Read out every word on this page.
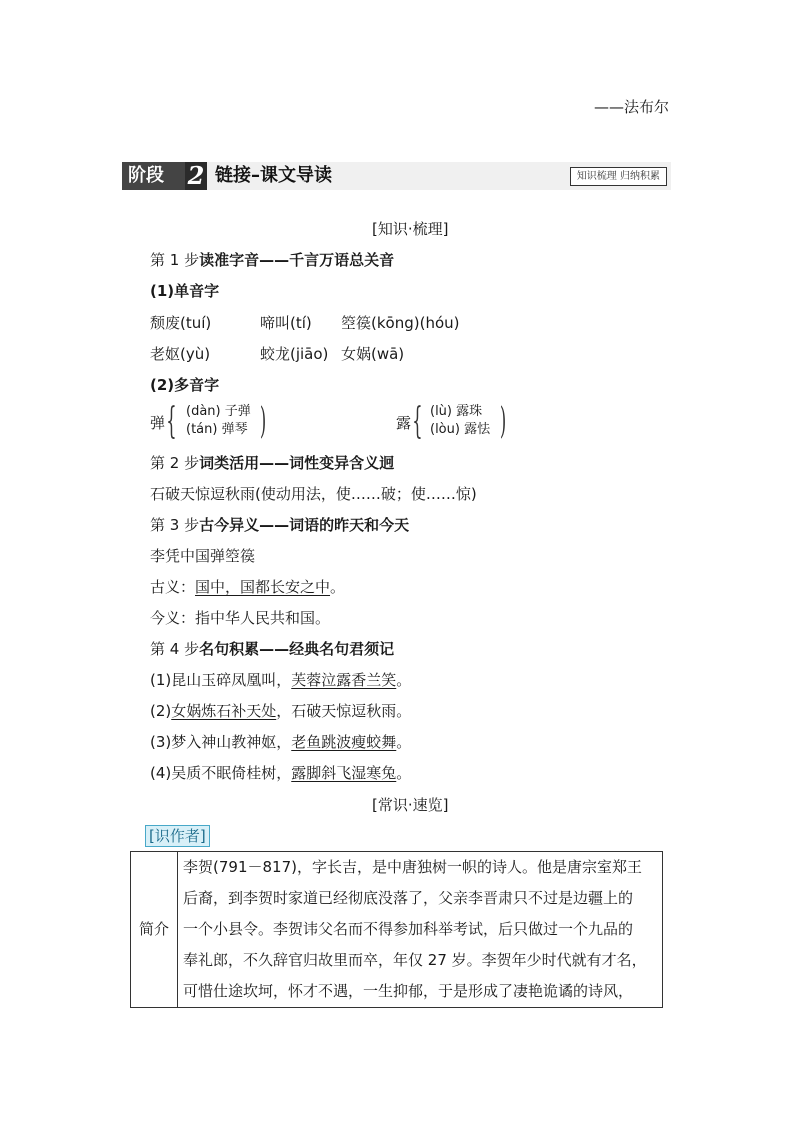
——法布尔
阶段 2 链接–课文导读	知识梳理 归纳积累
[知识·梳理]
第 1 步读准字音——千言万语总关音
(1)单音字
颓废(tuí)	啼叫(tí) 箜篌(kōng)(hóu)
老妪(yù)	蛟龙(jiāo) 女娲(wā)
(2)多音字
弹 { (dàn) 子弹
(tán) 弹琴 )	露 { (lù) 露珠
(lòu) 露怯 )
第 2 步词类活用——词性变异含义迥
石破天惊逗秋雨(使动用法，使……破；使……惊)
第 3 步古今异义——词语的昨天和今天
李凭中国弹箜篌
古义：国中，国都长安之中。
今义：指中华人民共和国。
第 4 步名句积累——经典名句君须记
(1)昆山玉碎凤凰叫，芙蓉泣露香兰笑。
(2)女娲炼石补天处，石破天惊逗秋雨。
(3)梦入神山教神妪，老鱼跳波瘦蛟舞。
(4)吴质不眠倚桂树，露脚斜飞湿寒兔。
[常识·速览]
[识作者]
简介	
李贺(791－817)，字长吉，是中唐独树一帜的诗人。他是唐宗室郑王
后裔，到李贺时家道已经彻底没落了，父亲李晋肃只不过是边疆上的
一个小县令。李贺讳父名而不得参加科举考试，后只做过一个九品的
奉礼郎，不久辞官归故里而卒，年仅 27 岁。李贺年少时代就有才名，
可惜仕途坎坷，怀才不遇，一生抑郁，于是形成了凄艳诡谲的诗风，
